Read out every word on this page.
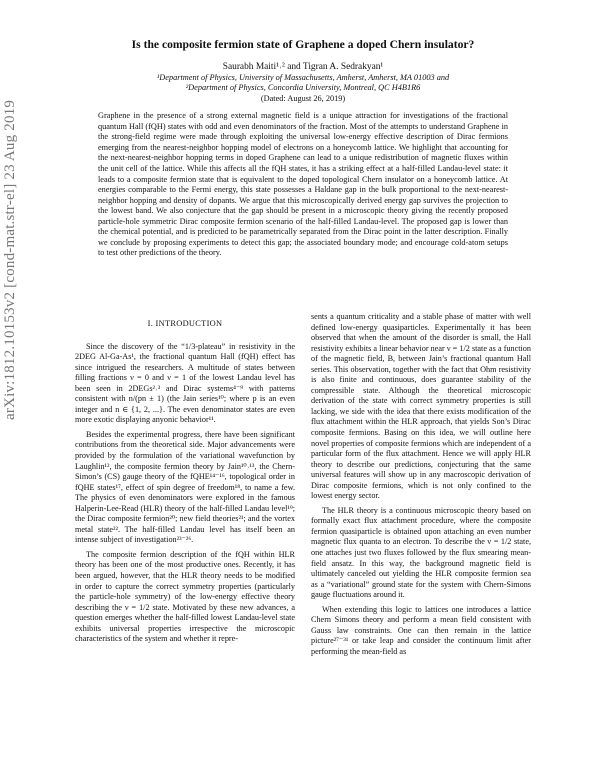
arXiv:1812.10153v2 [cond-mat.str-el] 23 Aug 2019
Is the composite fermion state of Graphene a doped Chern insulator?
Saurabh Maiti¹˒² and Tigran A. Sedrakyan¹
¹Department of Physics, University of Massachusetts, Amherst, Amherst, MA 01003 and
²Department of Physics, Concordia University, Montreal, QC H4B1R6
(Dated: August 26, 2019)
Graphene in the presence of a strong external magnetic field is a unique attraction for investigations of the fractional quantum Hall (fQH) states with odd and even denominators of the fraction. Most of the attempts to understand Graphene in the strong-field regime were made through exploiting the universal low-energy effective description of Dirac fermions emerging from the nearest-neighbor hopping model of electrons on a honeycomb lattice. We highlight that accounting for the next-nearest-neighbor hopping terms in doped Graphene can lead to a unique redistribution of magnetic fluxes within the unit cell of the lattice. While this affects all the fQH states, it has a striking effect at a half-filled Landau-level state: it leads to a composite fermion state that is equivalent to the doped topological Chern insulator on a honeycomb lattice. At energies comparable to the Fermi energy, this state possesses a Haldane gap in the bulk proportional to the next-nearest-neighbor hopping and density of dopants. We argue that this microscopically derived energy gap survives the projection to the lowest band. We also conjecture that the gap should be present in a microscopic theory giving the recently proposed particle-hole symmetric Dirac composite fermion scenario of the half-filled Landau-level. The proposed gap is lower than the chemical potential, and is predicted to be parametrically separated from the Dirac point in the latter description. Finally we conclude by proposing experiments to detect this gap; the associated boundary mode; and encourage cold-atom setups to test other predictions of the theory.
I. INTRODUCTION

Since the discovery of the “1/3-plateau” in resistivity in the 2DEG Al-Ga-As¹, the fractional quantum Hall (fQH) effect has since intrigued the researchers. A multitude of states between filling fractions ν = 0 and ν = 1 of the lowest Landau level has been seen in 2DEGs²˒³ and Dirac systems⁴⁻⁹ with patterns consistent with n/(pn ± 1) (the Jain series¹⁰; where p is an even integer and n ∈ {1, 2, ...}. The even denominator states are even more exotic displaying anyonic behavior¹¹.

Besides the experimental progress, there have been significant contributions from the theoretical side. Major advancements were provided by the formulation of the variational wavefunction by Laughlin¹², the composite fermion theory by Jain¹⁰˒¹³, the Chern-Simon’s (CS) gauge theory of the fQHE¹⁴⁻¹⁶, topological order in fQHE states¹⁷, effect of spin degree of freedom¹⁸, to name a few. The physics of even denominators were explored in the famous Halperin-Lee-Read (HLR) theory of the half-filled Landau level¹⁹; the Dirac composite fermion²⁰; new field theories²¹; and the vortex metal state²². The half-filled Landau level has itself been an intense subject of investigation²³⁻²⁶.

The composite fermion description of the fQH within HLR theory has been one of the most productive ones. Recently, it has been argued, however, that the HLR theory needs to be modified in order to capture the correct symmetry properties (particularly the particle-hole symmetry) of the low-energy effective theory describing the ν = 1/2 state. Motivated by these new advances, a question emerges whether the half-filled lowest Landau-level state exhibits universal properties irrespective the microscopic characteristics of the system and whether it repre-

sents a quantum criticality and a stable phase of matter with well defined low-energy quasiparticles. Experimentally it has been observed that when the amount of the disorder is small, the Hall resistivity exhibits a linear behavior near ν = 1/2 state as a function of the magnetic field, B, between Jain’s fractional quantum Hall series. This observation, together with the fact that Ohm resistivity is also finite and continuous, does guarantee stability of the compressible state. Although the theoretical microscopic derivation of the state with correct symmetry properties is still lacking, we side with the idea that there exists modification of the flux attachment within the HLR approach, that yields Son’s Dirac composite fermions. Basing on this idea, we will outline here novel properties of composite fermions which are independent of a particular form of the flux attachment. Hence we will apply HLR theory to describe our predictions, conjecturing that the same universal features will show up in any macroscopic derivation of Dirac composite fermions, which is not only confined to the lowest energy sector.

The HLR theory is a continuous microscopic theory based on formally exact flux attachment procedure, where the composite fermion quasiparticle is obtained upon attaching an even number magnetic flux quanta to an electron. To describe the ν = 1/2 state, one attaches just two fluxes followed by the flux smearing mean-field ansatz. In this way, the background magnetic field is ultimately canceled out yielding the HLR composite fermion sea as a “variational” ground state for the system with Chern-Simons gauge fluctuations around it.

When extending this logic to lattices one introduces a lattice Chern Simons theory and perform a mean field consistent with Gauss law constraints. One can then remain in the lattice picture²⁷⁻³¹ or take leap and consider the continuum limit after performing the mean-field as
